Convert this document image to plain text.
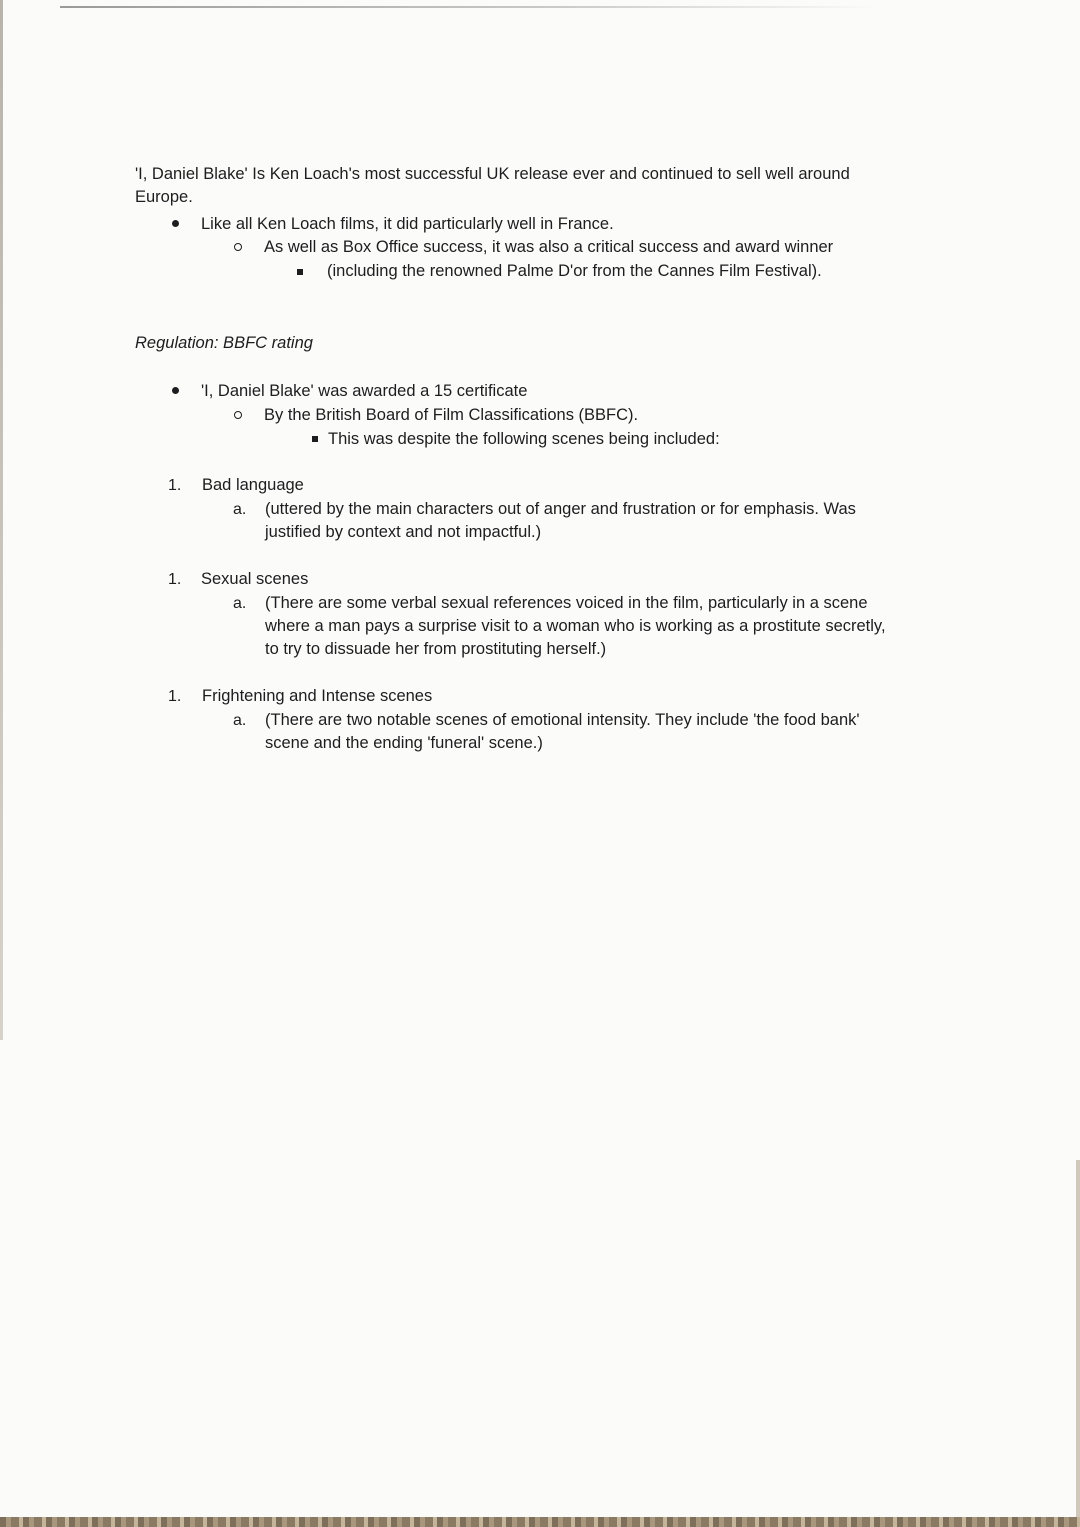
'I, Daniel Blake' Is Ken Loach's most successful UK release ever and continued to sell well around
Europe.
Like all Ken Loach films, it did particularly well in France.
As well as Box Office success, it was also a critical success and award winner
(including the renowned Palme D'or from the Cannes Film Festival).
Regulation: BBFC rating
'I, Daniel Blake' was awarded a 15 certificate
By the British Board of Film Classifications (BBFC).
This was despite the following scenes being included:
1. Bad language
a. (uttered by the main characters out of anger and frustration or for emphasis. Was
justified by context and not impactful.)
1. Sexual scenes
a. (There are some verbal sexual references voiced in the film, particularly in a scene
where a man pays a surprise visit to a woman who is working as a prostitute secretly,
to try to dissuade her from prostituting herself.)
1. Frightening and Intense scenes
a. (There are two notable scenes of emotional intensity. They include 'the food bank'
scene and the ending 'funeral' scene.)
